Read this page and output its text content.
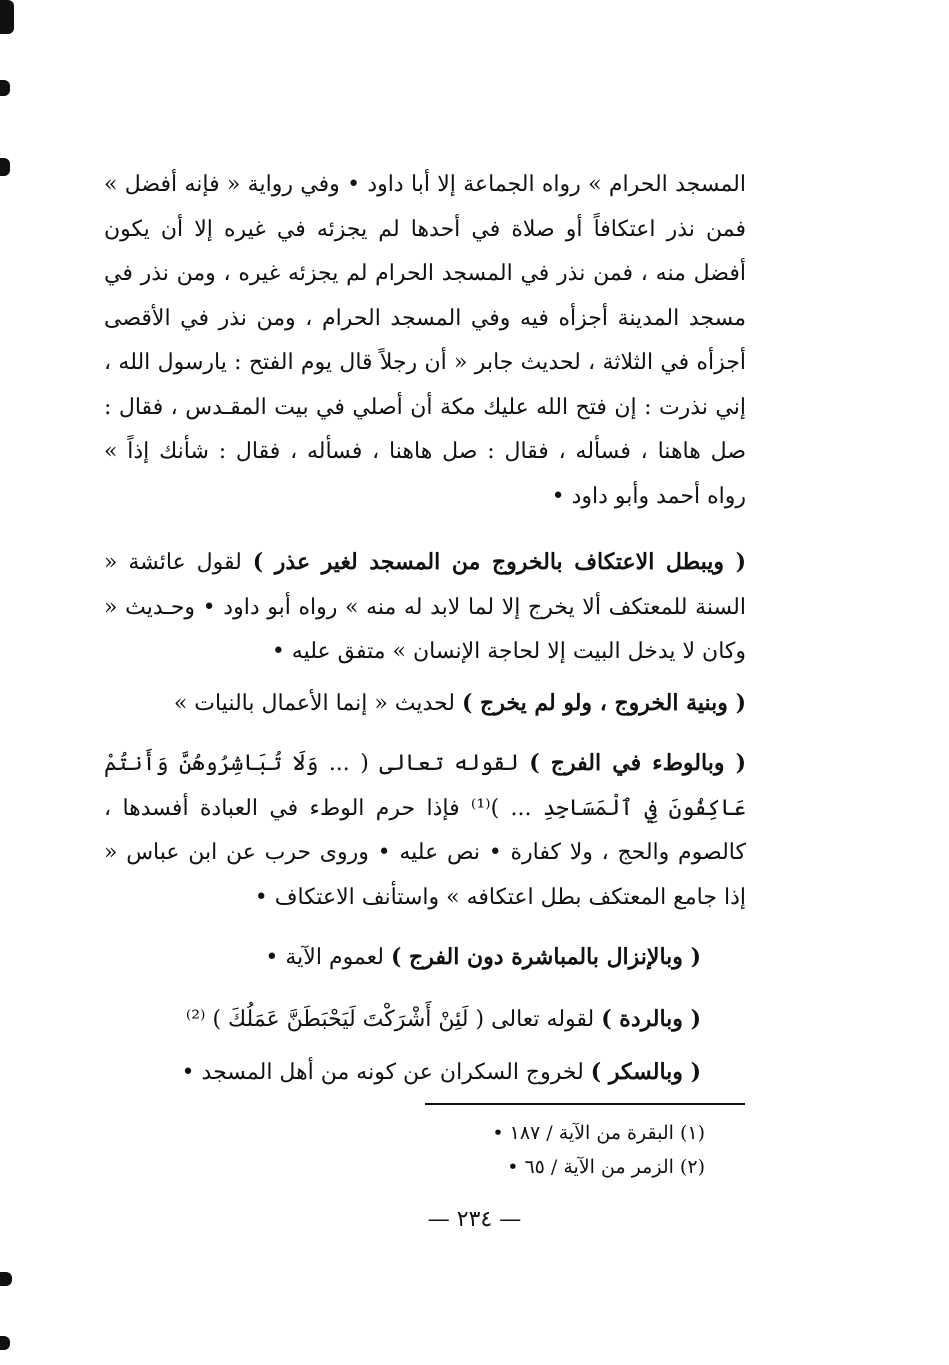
المسجد الحرام » رواه الجماعة إلا أبا داود • وفي رواية « فإنه أفضل » فمن نذر اعتكافاً أو صلاة في أحدها لم يجزئه في غيره إلا أن يكون أفضل منه ، فمن نذر في المسجد الحرام لم يجزئه غيره ، ومن نذر في مسجد المدينة أجزأه فيه وفي المسجد الحرام ، ومن نذر في الأقصى أجزأه في الثلاثة ، لحديث جابر « أن رجلاً قال يوم الفتح : يارسول الله ، إني نذرت : إن فتح الله عليك مكة أن أصلي في بيت المقـدس ، فقال : صل هاهنا ، فسأله ، فقال : صل هاهنا ، فسأله ، فقال : شأنك إذاً » رواه أحمد وأبو داود •

( ويبطل الاعتكاف بالخروج من المسجد لغير عذر ) لقول عائشة « السنة للمعتكف ألا يخرج إلا لما لابد له منه » رواه أبو داود • وحـديث « وكان لا يدخل البيت إلا لحاجة الإنسان » متفق عليه •

( وبنية الخروج ، ولو لم يخرج ) لحديث « إنما الأعمال بالنيات »

( وبالوطء في الفرج ) لقوله تعالى ( ... وَلَا تُبَاشِرُوهُنَّ وَأَنتُمْ عَاكِفُونَ فِي ٱلْمَسَاجِدِ ... )⁽¹⁾ فإذا حرم الوطء في العبادة أفسدها ، كالصوم والحج ، ولا كفارة • نص عليه • وروى حرب عن ابن عباس « إذا جامع المعتكف بطل اعتكافه » واستأنف الاعتكاف •

( وبالإنزال بالمباشرة دون الفرج ) لعموم الآية •
( وبالردة ) لقوله تعالى ( لَئِنْ أَشْرَكْتَ لَيَحْبَطَنَّ عَمَلُكَ ) ⁽²⁾
( وبالسكر ) لخروج السكران عن كونه من أهل المسجد •
(١) البقرة من الآية / ١٨٧ •
(٢) الزمر من الآية / ٦٥ •
— ٢٣٤ —
